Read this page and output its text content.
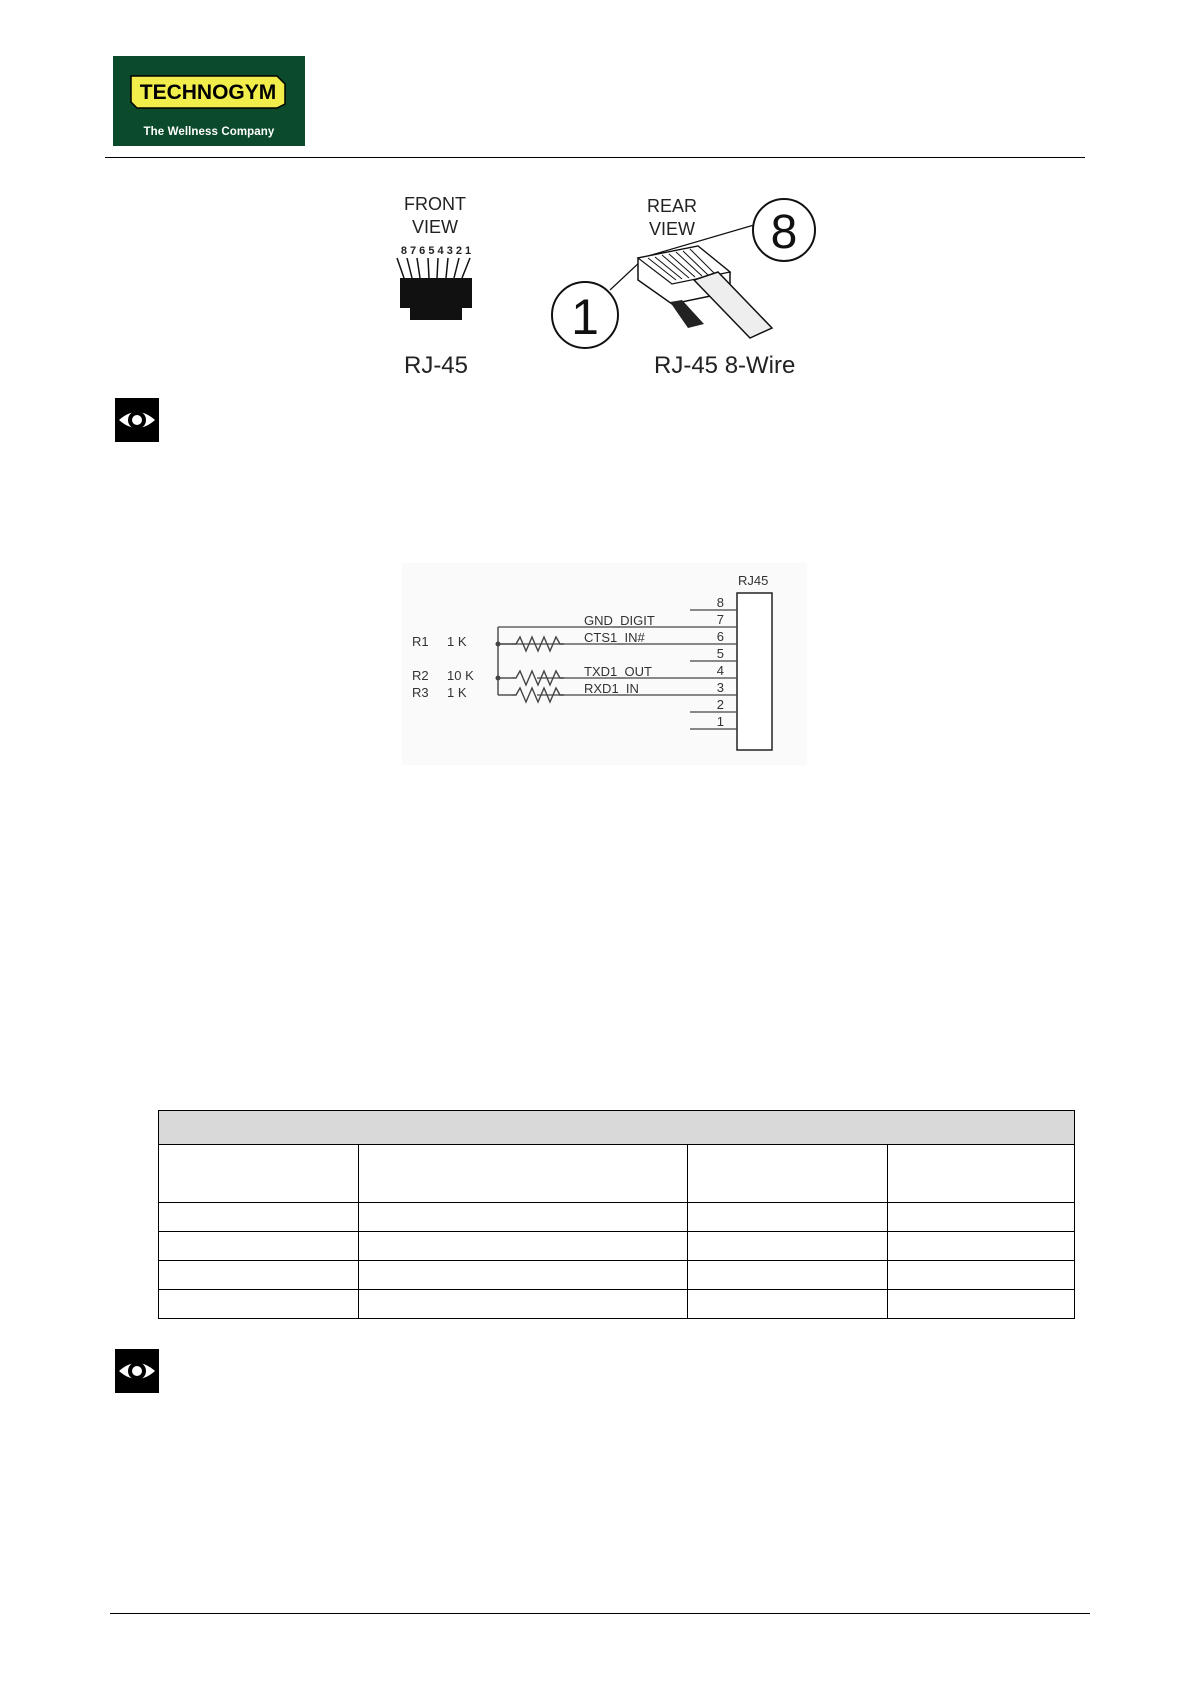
TECHNOGYM
The Wellness Company
FRONT
VIEW
8 7 6 5 4 3 2 1
RJ-45
REAR
VIEW 8
1
RJ-45 8-Wire
RJ45
8
7
6
5
4
3
2
1
GND_DIGIT
CTS1_IN#
TXD1_OUT
RXD1_IN
R1 1 K
R2 10 K
R3 1 K
